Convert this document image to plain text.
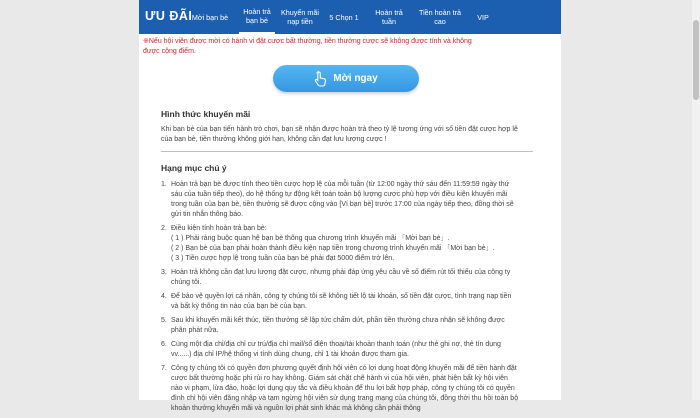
ƯU ĐÃI Mời bạn bè
Hoàn trả bạn bè
Khuyến mãi nạp tiền	5 Chọn 1	Hoàn trả tuần
Tiền hoàn trả cao	VIP
※Nếu hội viên được mời có hành vi đặt cược bất thường, tiền thưởng cược sẽ không được tính và không được cộng điểm.
Mời ngay
Hình thức khuyến mãi
Khi bạn bè của bạn tiến hành trò chơi, bạn sẽ nhận được hoàn trả theo tỷ lệ tương ứng với số tiền đặt cược hợp lệ của bạn bè, tiền thưởng không giới hạn, không cần đạt lưu lượng cược !
Hạng mục chú ý
1. Hoàn trả bạn bè được tính theo tiền cược hợp lệ của mỗi tuần (từ 12:00 ngày thứ sáu đến 11:59:59 ngày thứ sáu của tuần tiếp theo), do hệ thống tự động kết toán toàn bộ lượng cược phù hợp với điều kiện khuyến mãi trong tuần của bạn bè, tiền thưởng sẽ được cộng vào [Ví bạn bè] trước 17:00 của ngày tiếp theo, đồng thời sẽ gửi tin nhắn thông báo.
2. Điều kiện tính hoàn trả bạn bè:
( 1 ) Phải ràng buộc quan hệ bạn bè thông qua chương trình khuyến mãi 「Mời bạn bè」.
( 2 ) Bạn bè của bạn phải hoàn thành điều kiện nạp tiền trong chương trình khuyến mãi 「Mời bạn bè」.
( 3 ) Tiền cược hợp lệ trong tuần của bạn bè phải đạt 5000 điểm trở lên.
3. Hoàn trả không cần đạt lưu lượng đặt cược, nhưng phải đáp ứng yêu cầu về số điểm rút tối thiểu của công ty chúng tôi.
4. Để bảo vệ quyền lợi cá nhân, công ty chúng tôi sẽ không tiết lộ tài khoản, số tiền đặt cược, tình trạng nạp tiền và bất kỳ thông tin nào của bạn bè của bạn.
5. Sau khi khuyến mãi kết thúc, tiền thưởng sẽ lập tức chấm dứt, phần tiền thưởng chưa nhận sẽ không được phân phát nữa.
6. Cùng một địa chỉ/địa chỉ cư trú/địa chỉ mail/số điện thoại/tài khoản thanh toán (như thẻ ghi nợ, thẻ tín dụng vv......) địa chỉ IP/hệ thống vi tính dùng chung, chỉ 1 tài khoản được tham gia.
7. Công ty chúng tôi có quyền đơn phương quyết định hội viên có lợi dụng hoạt động khuyến mãi để tiền hành đặt cược bất thường hoặc phi rủi ro hay không. Giám sát chặt chẽ hành vi của hội viên, phát hiện bất kỳ hội viên nào vi phạm, lừa đảo, hoặc lợi dụng quy tắc và điều khoản để thu lợi bất hợp pháp, công ty chúng tôi có quyền đình chỉ hội viên đăng nhập và tạm ngừng hội viên sử dụng trang mạng của chúng tôi, đồng thời thu hồi toàn bộ khoản thưởng khuyến mãi và nguồn lợi phát sinh khác mà không cần phải thông
